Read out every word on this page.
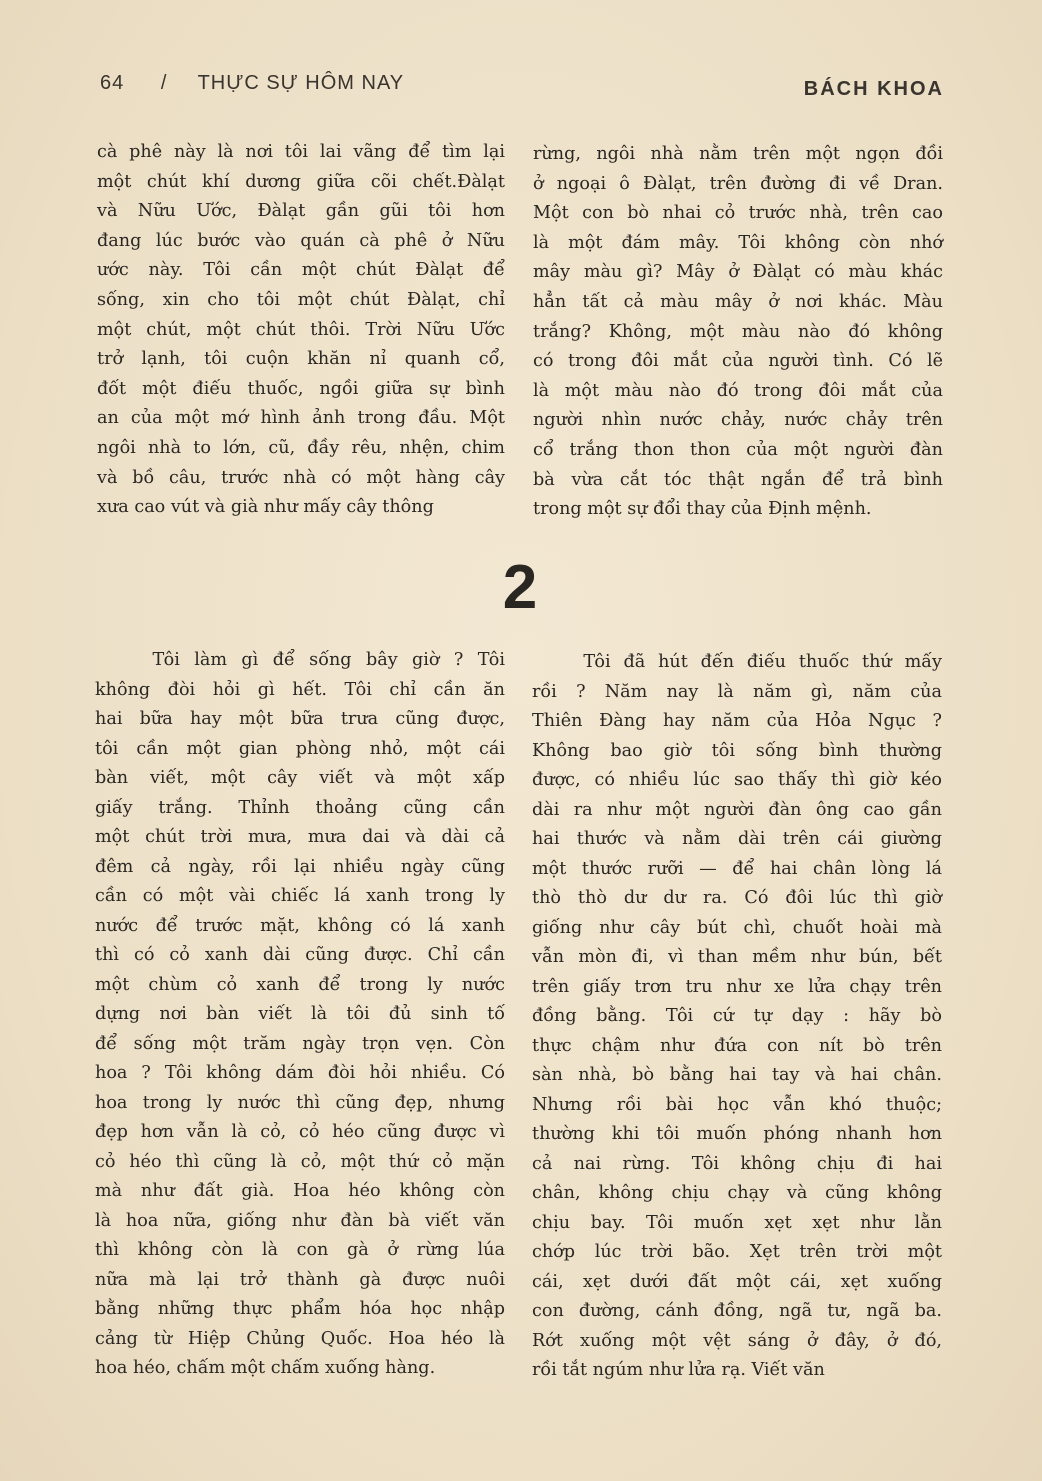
64 / THỰC SỰ HÔM NAY	BÁCH KHOA
cà phê này là nơi tôi lai vãng để tìm lại
một chút khí dương giữa cõi chết.Đàlạt
và Nữu Ước, Đàlạt gần gũi tôi hơn
đang lúc bước vào quán cà phê ở Nữu
ước này. Tôi cần một chút Đàlạt để
sống, xin cho tôi một chút Đàlạt, chỉ
một chút, một chút thôi. Trời Nữu Ước
trở lạnh, tôi cuộn khăn nỉ quanh cổ,
đốt một điếu thuốc, ngồi giữa sự bình
an của một mớ hình ảnh trong đầu. Một
ngôi nhà to lớn, cũ, đầy rêu, nhện, chim
và bồ câu, trước nhà có một hàng cây
xưa cao vút và già như mấy cây thông
rừng, ngôi nhà nằm trên một ngọn đồi
ở ngoại ô Đàlạt, trên đường đi về Dran.
Một con bò nhai cỏ trước nhà, trên cao
là một đám mây. Tôi không còn nhớ
mây màu gì? Mây ở Đàlạt có màu khác
hẳn tất cả màu mây ở nơi khác. Màu
trắng? Không, một màu nào đó không
có trong đôi mắt của người tình. Có lẽ
là một màu nào đó trong đôi mắt của
người nhìn nước chảy, nước chảy trên
cổ trắng thon thon của một người đàn
bà vừa cắt tóc thật ngắn để trả bình
trong một sự đổi thay của Định mệnh.
2
Tôi làm gì để sống bây giờ ? Tôi
không đòi hỏi gì hết. Tôi chỉ cần ăn
hai bữa hay một bữa trưa cũng được,
tôi cần một gian phòng nhỏ, một cái
bàn viết, một cây viết và một xấp
giấy trắng. Thỉnh thoảng cũng cần
một chút trời mưa, mưa dai và dài cả
đêm cả ngày, rồi lại nhiều ngày cũng
cần có một vài chiếc lá xanh trong ly
nước để trước mặt, không có lá xanh
thì có cỏ xanh dài cũng được. Chỉ cần
một chùm cỏ xanh để trong ly nước
dựng nơi bàn viết là tôi đủ sinh tố
để sống một trăm ngày trọn vẹn. Còn
hoa ? Tôi không dám đòi hỏi nhiều. Có
hoa trong ly nước thì cũng đẹp, nhưng
đẹp hơn vẫn là cỏ, cỏ héo cũng được vì
cỏ héo thì cũng là cỏ, một thứ cỏ mặn
mà như đất già. Hoa héo không còn
là hoa nữa, giống như đàn bà viết văn
thì không còn là con gà ở rừng lúa
nữa mà lại trở thành gà được nuôi
bằng những thực phẩm hóa học nhập
cảng từ Hiệp Chủng Quốc. Hoa héo là
hoa héo, chấm một chấm xuống hàng.
Tôi đã hút đến điếu thuốc thứ mấy
rồi ? Năm nay là năm gì, năm của
Thiên Đàng hay năm của Hỏa Ngục ?
Không bao giờ tôi sống bình thường
được, có nhiều lúc sao thấy thì giờ kéo
dài ra như một người đàn ông cao gần
hai thước và nằm dài trên cái giường
một thước rưỡi — để hai chân lòng lá
thò thò dư dư ra. Có đôi lúc thì giờ
giống như cây bút chì, chuốt hoài mà
vẫn mòn đi, vì than mềm như bún, bết
trên giấy trơn tru như xe lửa chạy trên
đồng bằng. Tôi cứ tự dạy : hãy bò
thực chậm như đứa con nít bò trên
sàn nhà, bò bằng hai tay và hai chân.
Nhưng rồi bài học vẫn khó thuộc;
thường khi tôi muốn phóng nhanh hơn
cả nai rừng. Tôi không chịu đi hai
chân, không chịu chạy và cũng không
chịu bay. Tôi muốn xẹt xẹt như lằn
chớp lúc trời bão. Xẹt trên trời một
cái, xẹt dưới đất một cái, xẹt xuống
con đường, cánh đồng, ngã tư, ngã ba.
Rớt xuống một vệt sáng ở đây, ở đó,
rồi tắt ngúm như lửa rạ. Viết văn
